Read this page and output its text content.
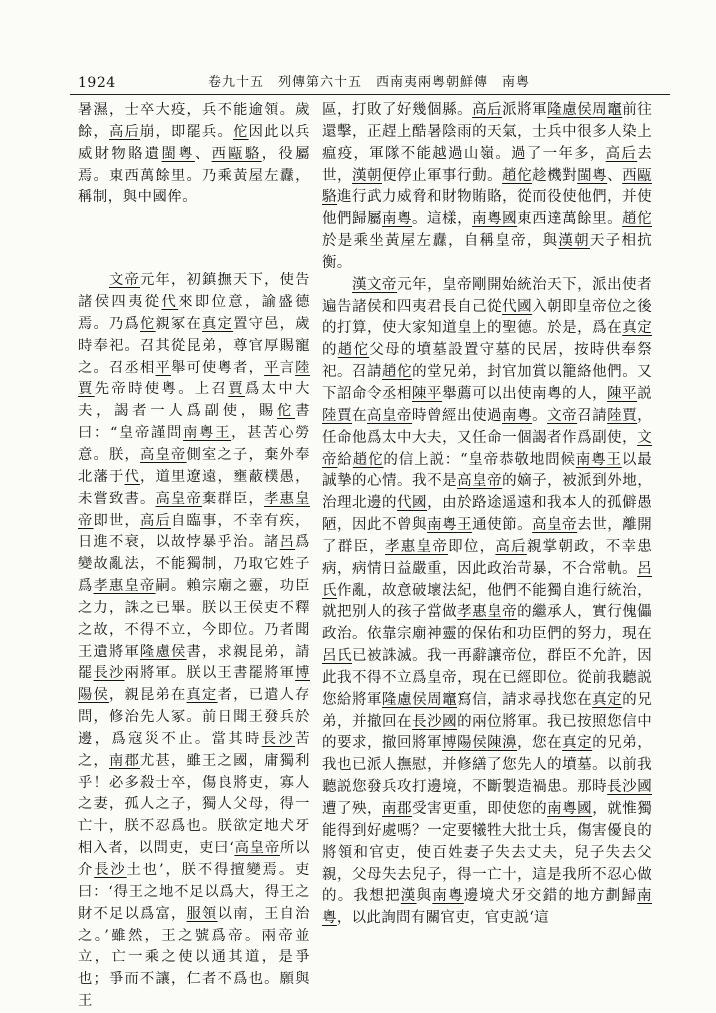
1924	卷九十五　列傳第六十五　西南夷兩粵朝鮮傳　南粵

暑濕，士卒大疫，兵不能逾領。歲餘，高后崩，即罷兵。佗因此以兵威財物賂遺閩粵、西甌駱，役屬焉。東西萬餘里。乃乘黃屋左纛，稱制，與中國侔。

　　文帝元年，初鎮撫天下，使告諸侯四夷從代來即位意，諭盛德焉。乃爲佗親冢在真定置守邑，歲時奉祀。召其從昆弟，尊官厚賜寵之。召丞相平舉可使粵者，平言陸賈先帝時使粵。上召賈爲太中大夫，謁者一人爲副使，賜佗書曰：“皇帝謹問南粵王，甚苦心勞意。朕，高皇帝側室之子，棄外奉北藩于代，道里遼遠，壅蔽樸愚，未嘗致書。高皇帝棄群臣，孝惠皇帝即世，高后自臨事，不幸有疾，日進不衰，以故悖暴乎治。諸呂爲變故亂法，不能獨制，乃取它姓子爲孝惠皇帝嗣。賴宗廟之靈，功臣之力，誅之已畢。朕以王侯吏不釋之故，不得不立，今即位。乃者聞王遺將軍隆慮侯書，求親昆弟，請罷長沙兩將軍。朕以王書罷將軍博陽侯，親昆弟在真定者，已遣人存問，修治先人冢。前日聞王發兵於邊，爲寇災不止。當其時長沙苦之，南郡尤甚，雖王之國，庸獨利乎！必多殺士卒，傷良將吏，寡人之妻，孤人之子，獨人父母，得一亡十，朕不忍爲也。朕欲定地犬牙相入者，以問吏，吏曰‘高皇帝所以介長沙土也’，朕不得擅變焉。吏曰：‘得王之地不足以爲大，得王之財不足以爲富，服領以南，王自治之。’雖然，王之號爲帝。兩帝並立，亡一乘之使以通其道，是爭也；爭而不讓，仁者不爲也。願與王

區，打敗了好幾個縣。高后派將軍隆慮侯周竈前往還擊，正趕上酷暑陰雨的天氣，士兵中很多人染上瘟疫，軍隊不能越過山嶺。過了一年多，高后去世，漢朝便停止軍事行動。趙佗趁機對閩粵、西甌駱進行武力威脅和財物賄賂，從而役使他們，并使他們歸屬南粵。這樣，南粵國東西達萬餘里。趙佗於是乘坐黃屋左纛，自稱皇帝，與漢朝天子相抗衡。

　　漢文帝元年，皇帝剛開始統治天下，派出使者遍告諸侯和四夷君長自己從代國入朝即皇帝位之後的打算，使大家知道皇上的聖德。於是，爲在真定的趙佗父母的墳墓設置守墓的民居，按時供奉祭祀。召請趙佗的堂兄弟，封官加賞以籠絡他們。又下詔命令丞相陳平舉薦可以出使南粵的人，陳平説陸賈在高皇帝時曾經出使過南粵。文帝召請陸賈，任命他爲太中大夫，又任命一個謁者作爲副使，文帝給趙佗的信上説：“皇帝恭敬地問候南粵王以最誠摯的心情。我不是高皇帝的嫡子，被派到外地，治理北邊的代國，由於路途遥遠和我本人的孤僻愚陋，因此不曾與南粵王通使節。高皇帝去世，離開了群臣，孝惠皇帝即位，高后親掌朝政，不幸患病，病情日益嚴重，因此政治苛暴，不合常軌。呂氏作亂，故意破壞法紀，他們不能獨自進行統治，就把别人的孩子當做孝惠皇帝的繼承人，實行傀儡政治。依靠宗廟神靈的保佑和功臣們的努力，現在呂氏已被誅滅。我一再辭讓帝位，群臣不允許，因此我不得不立爲皇帝，現在已經即位。從前我聽説您給將軍隆慮侯周竈寫信，請求尋找您在真定的兄弟，并撤回在長沙國的兩位將軍。我已按照您信中的要求，撤回將軍博陽侯陳濞，您在真定的兄弟，我也已派人撫慰，并修繕了您先人的墳墓。以前我聽説您發兵攻打邊境，不斷製造禍患。那時長沙國遭了殃，南郡受害更重，即使您的南粵國，就惟獨能得到好處嗎？一定要犧牲大批士兵，傷害優良的將領和官吏，使百姓妻子失去丈夫，兒子失去父親，父母失去兒子，得一亡十，這是我所不忍心做的。我想把漢與南粵邊境犬牙交錯的地方劃歸南粵，以此詢問有關官吏，官吏説‘這
